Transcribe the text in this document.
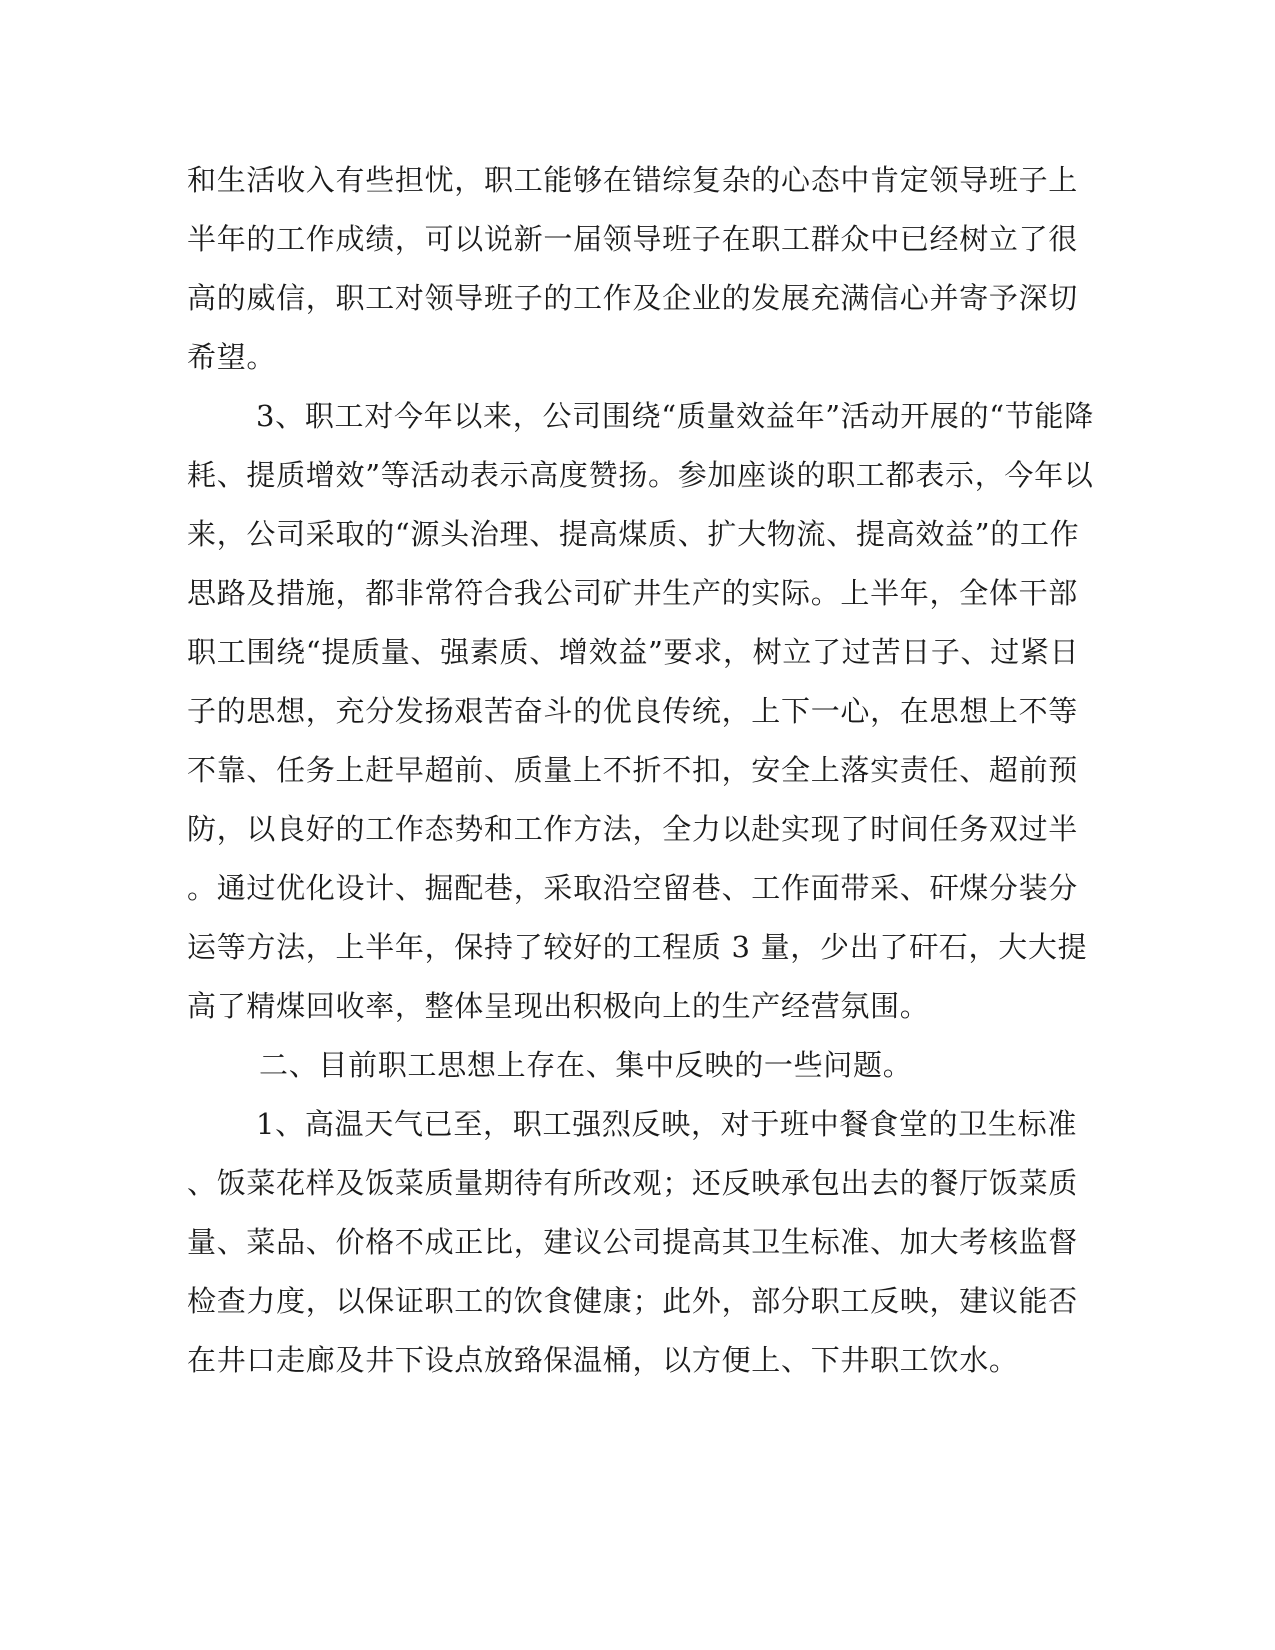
和生活收入有些担忧，职工能够在错综复杂的心态中肯定领导班子上
半年的工作成绩，可以说新一届领导班子在职工群众中已经树立了很
高的威信，职工对领导班子的工作及企业的发展充满信心并寄予深切
希望。
3、职工对今年以来，公司围绕“质量效益年”活动开展的“节能降
耗、提质增效”等活动表示高度赞扬。参加座谈的职工都表示，今年以
来，公司采取的“源头治理、提高煤质、扩大物流、提高效益”的工作
思路及措施，都非常符合我公司矿井生产的实际。上半年，全体干部
职工围绕“提质量、强素质、增效益”要求，树立了过苦日子、过紧日
子的思想，充分发扬艰苦奋斗的优良传统，上下一心，在思想上不等
不靠、任务上赶早超前、质量上不折不扣，安全上落实责任、超前预
防，以良好的工作态势和工作方法，全力以赴实现了时间任务双过半
。通过优化设计、掘配巷，采取沿空留巷、工作面带采、矸煤分装分
运等方法，上半年，保持了较好的工程质 3 量，少出了矸石，大大提
高了精煤回收率，整体呈现出积极向上的生产经营氛围。
二、目前职工思想上存在、集中反映的一些问题。
1、高温天气已至，职工强烈反映，对于班中餐食堂的卫生标准
、饭菜花样及饭菜质量期待有所改观；还反映承包出去的餐厅饭菜质
量、菜品、价格不成正比，建议公司提高其卫生标准、加大考核监督
检查力度，以保证职工的饮食健康；此外，部分职工反映，建议能否
在井口走廊及井下设点放臵保温桶，以方便上、下井职工饮水。
